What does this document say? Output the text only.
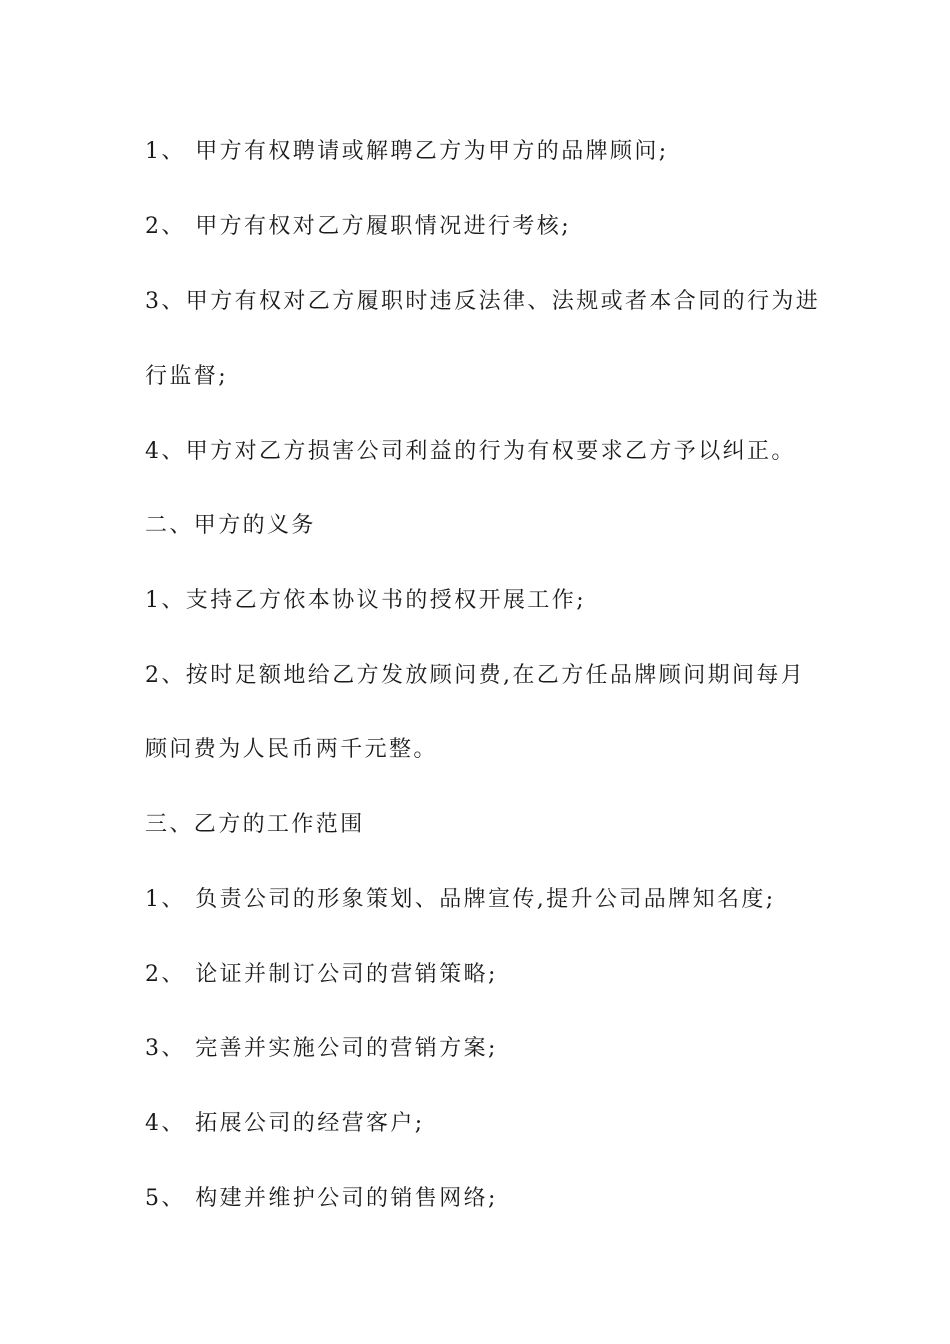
1、 甲方有权聘请或解聘乙方为甲方的品牌顾问;
2、 甲方有权对乙方履职情况进行考核;
3、甲方有权对乙方履职时违反法律、法规或者本合同的行为进
行监督;
4、甲方对乙方损害公司利益的行为有权要求乙方予以纠正。
二、甲方的义务
1、支持乙方依本协议书的授权开展工作;
2、按时足额地给乙方发放顾问费,在乙方任品牌顾问期间每月
顾问费为人民币两千元整。
三、乙方的工作范围
1、 负责公司的形象策划、品牌宣传,提升公司品牌知名度;
2、 论证并制订公司的营销策略;
3、 完善并实施公司的营销方案;
4、 拓展公司的经营客户;
5、 构建并维护公司的销售网络;
